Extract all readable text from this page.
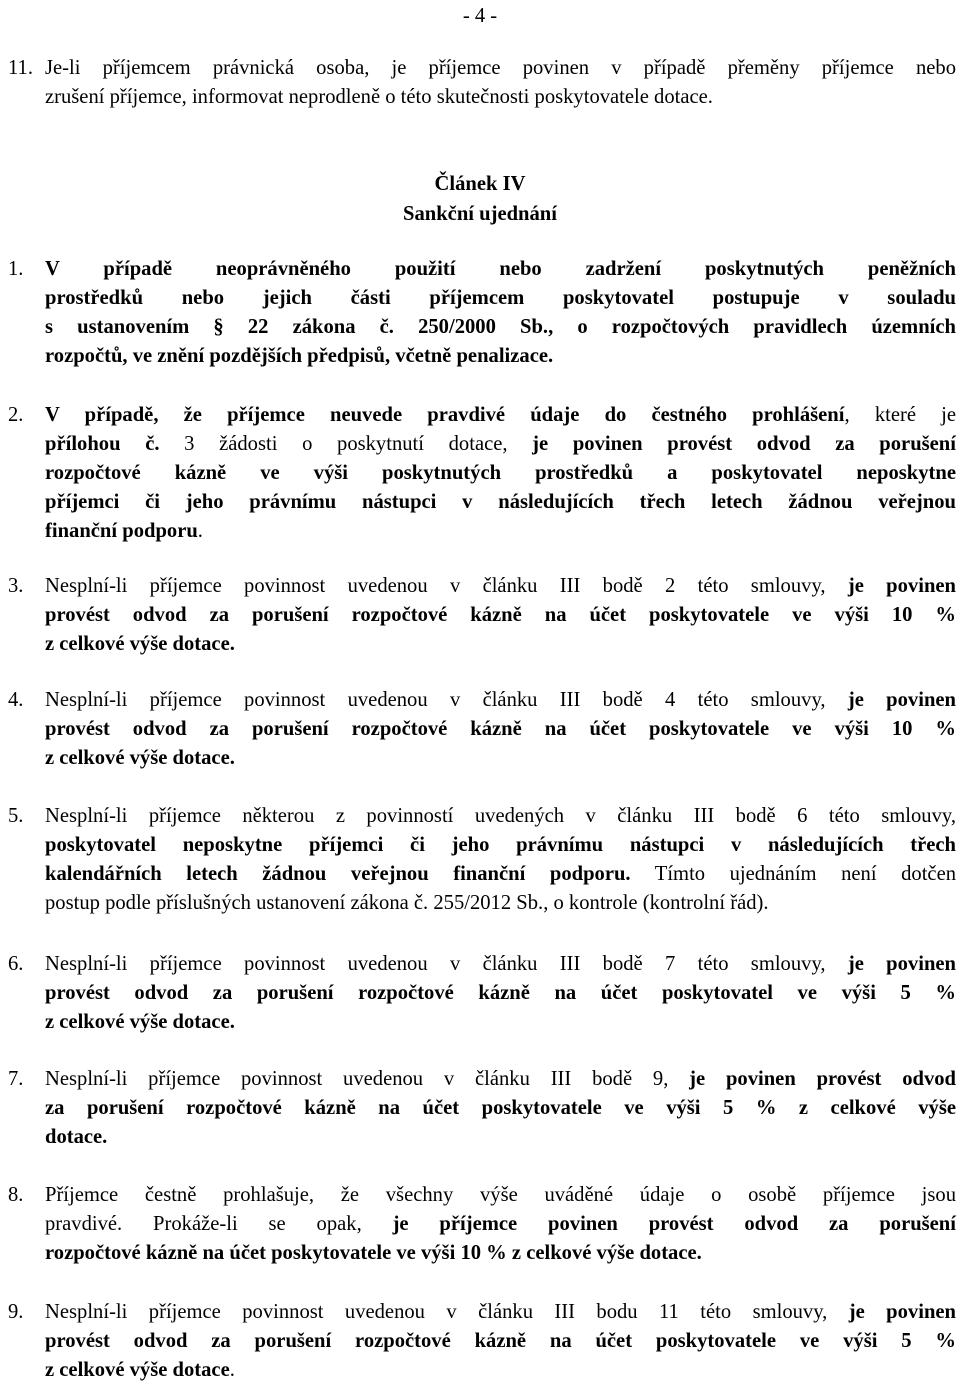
- 4 -
11. Je-li příjemcem právnická osoba, je příjemce povinen v případě přeměny příjemce nebo
zrušení příjemce, informovat neprodleně o této skutečnosti poskytovatele dotace.
Článek IV
Sankční ujednání
1. V případě neoprávněného použití nebo zadržení poskytnutých peněžních
prostředků nebo jejich části příjemcem poskytovatel postupuje v souladu
s ustanovením § 22 zákona č. 250/2000 Sb., o rozpočtových pravidlech územních
rozpočtů, ve znění pozdějších předpisů, včetně penalizace.
2. V případě, že příjemce neuvede pravdivé údaje do čestného prohlášení, které je
přílohou č. 3 žádosti o poskytnutí dotace, je povinen provést odvod za porušení
rozpočtové kázně ve výši poskytnutých prostředků a poskytovatel neposkytne
příjemci či jeho právnímu nástupci v následujících třech letech žádnou veřejnou
finanční podporu.
3. Nesplní-li příjemce povinnost uvedenou v článku III bodě 2 této smlouvy, je povinen
provést odvod za porušení rozpočtové kázně na účet poskytovatele ve výši 10 %
z celkové výše dotace.
4. Nesplní-li příjemce povinnost uvedenou v článku III bodě 4 této smlouvy, je povinen
provést odvod za porušení rozpočtové kázně na účet poskytovatele ve výši 10 %
z celkové výše dotace.
5. Nesplní-li příjemce některou z povinností uvedených v článku III bodě 6 této smlouvy,
poskytovatel neposkytne příjemci či jeho právnímu nástupci v následujících třech
kalendářních letech žádnou veřejnou finanční podporu. Tímto ujednáním není dotčen
postup podle příslušných ustanovení zákona č. 255/2012 Sb., o kontrole (kontrolní řád).
6. Nesplní-li příjemce povinnost uvedenou v článku III bodě 7 této smlouvy, je povinen
provést odvod za porušení rozpočtové kázně na účet poskytovatel ve výši 5 %
z celkové výše dotace.
7. Nesplní-li příjemce povinnost uvedenou v článku III bodě 9, je povinen provést odvod
za porušení rozpočtové kázně na účet poskytovatele ve výši 5 % z celkové výše
dotace.
8. Příjemce čestně prohlašuje, že všechny výše uváděné údaje o osobě příjemce jsou
pravdivé. Prokáže-li se opak, je příjemce povinen provést odvod za porušení
rozpočtové kázně na účet poskytovatele ve výši 10 % z celkové výše dotace.
9. Nesplní-li příjemce povinnost uvedenou v článku III bodu 11 této smlouvy, je povinen
provést odvod za porušení rozpočtové kázně na účet poskytovatele ve výši 5 %
z celkové výše dotace.
